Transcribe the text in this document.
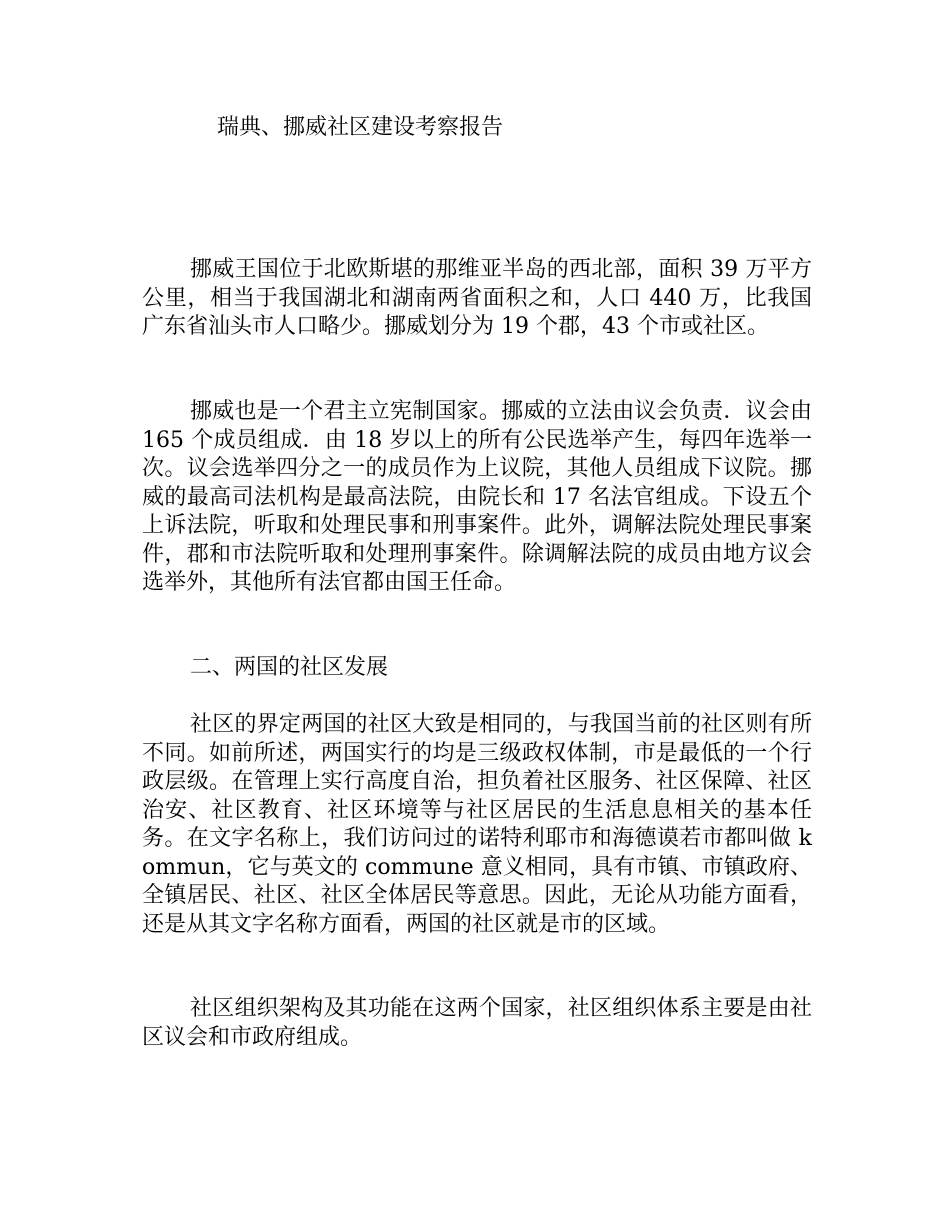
瑞典、挪威社区建设考察报告

挪威王国位于北欧斯堪的那维亚半岛的西北部，面积 39 万平方公里，相当于我国湖北和湖南两省面积之和，人口 440 万，比我国广东省汕头市人口略少。挪威划分为 19 个郡，43 个市或社区。

挪威也是一个君主立宪制国家。挪威的立法由议会负责．议会由 165 个成员组成．由 18 岁以上的所有公民选举产生，每四年选举一次。议会选举四分之一的成员作为上议院，其他人员组成下议院。挪威的最高司法机构是最高法院，由院长和 17 名法官组成。下设五个上诉法院，听取和处理民事和刑事案件。此外，调解法院处理民事案件，郡和市法院听取和处理刑事案件。除调解法院的成员由地方议会选举外，其他所有法官都由国王任命。

二、两国的社区发展

社区的界定两国的社区大致是相同的，与我国当前的社区则有所不同。如前所述，两国实行的均是三级政权体制，市是最低的一个行政层级。在管理上实行高度自治，担负着社区服务、社区保障、社区治安、社区教育、社区环境等与社区居民的生活息息相关的基本任务。在文字名称上，我们访问过的诺特利耶市和海德谟若市都叫做 kommun，它与英文的 commune 意义相同，具有市镇、市镇政府、全镇居民、社区、社区全体居民等意思。因此，无论从功能方面看，还是从其文字名称方面看，两国的社区就是市的区域。

社区组织架构及其功能在这两个国家，社区组织体系主要是由社区议会和市政府组成。
